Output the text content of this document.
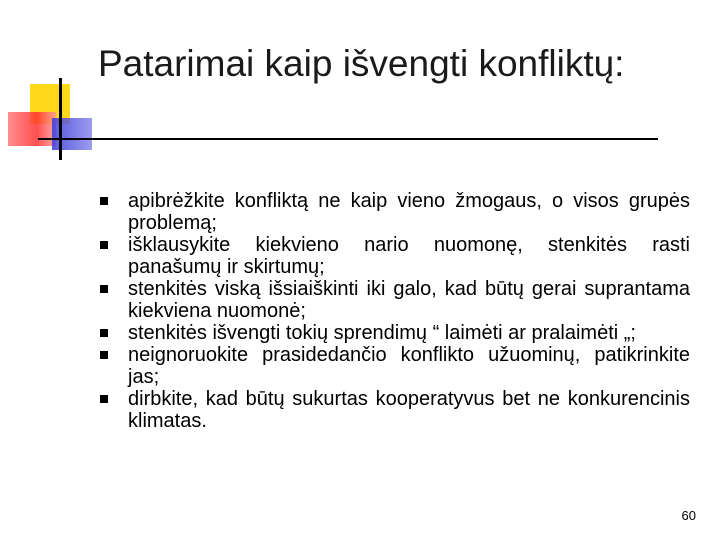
Patarimai kaip išvengti konfliktų:
apibrėžkite konfliktą ne kaip vieno žmogaus, o visos grupės problemą;
išklausykite kiekvieno nario nuomonę, stenkitės rasti panašumų ir skirtumų;
stenkitės viską išsiaiškinti iki galo, kad būtų gerai suprantama kiekviena nuomonė;
stenkitės išvengti tokių sprendimų “ laimėti ar pralaimėti „;
neignoruokite prasidedančio konflikto užuominų, patikrinkite jas;
dirbkite, kad būtų sukurtas kooperatyvus bet ne konkurencinis klimatas.
60
